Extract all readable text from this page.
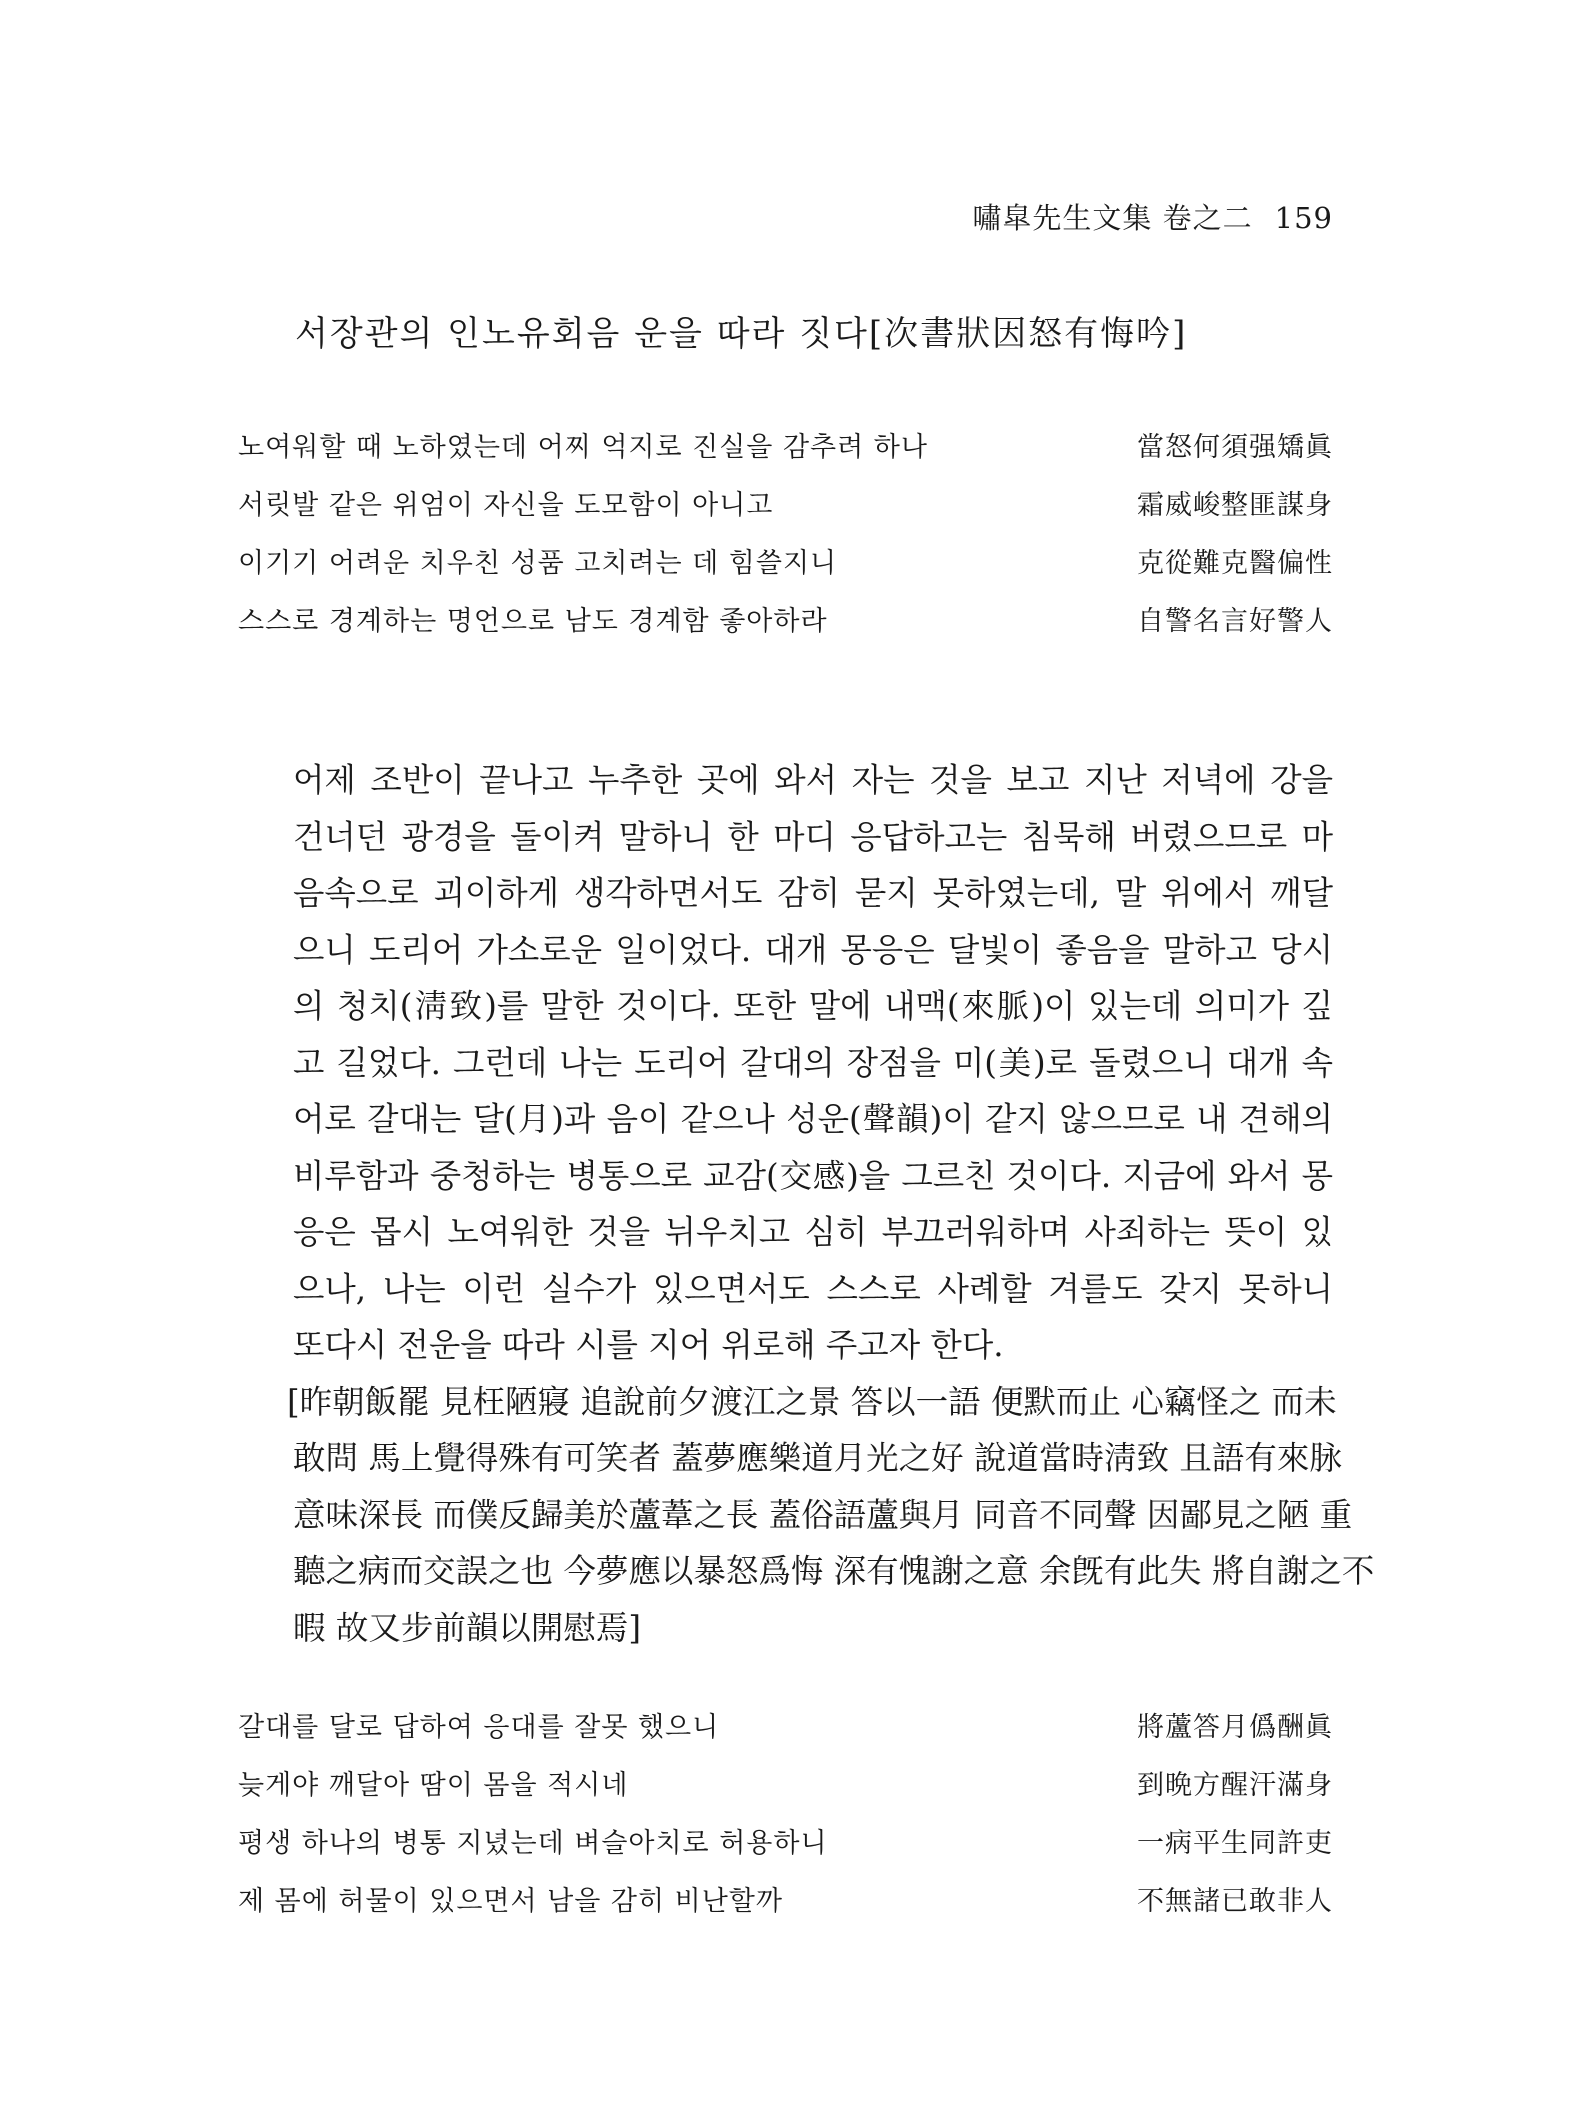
嘯皐先生文集 卷之二 159
서장관의 인노유회음 운을 따라 짓다[次書狀因怒有悔吟]
노여워할 때 노하였는데 어찌 억지로 진실을 감추려 하나	當怒何須强矯眞
서릿발 같은 위엄이 자신을 도모함이 아니고	霜威峻整匪謀身
이기기 어려운 치우친 성품 고치려는 데 힘쓸지니	克從難克醫偏性
스스로 경계하는 명언으로 남도 경계함 좋아하라	自警名言好警人
어제 조반이 끝나고 누추한 곳에 와서 자는 것을 보고 지난 저녁에 강을
건너던 광경을 돌이켜 말하니 한 마디 응답하고는 침묵해 버렸으므로 마
음속으로 괴이하게 생각하면서도 감히 묻지 못하였는데, 말 위에서 깨달
으니 도리어 가소로운 일이었다. 대개 몽응은 달빛이 좋음을 말하고 당시
의 청치(淸致)를 말한 것이다. 또한 말에 내맥(來脈)이 있는데 의미가 깊
고 길었다. 그런데 나는 도리어 갈대의 장점을 미(美)로 돌렸으니 대개 속
어로 갈대는 달(月)과 음이 같으나 성운(聲韻)이 같지 않으므로 내 견해의
비루함과 중청하는 병통으로 교감(交感)을 그르친 것이다. 지금에 와서 몽
응은 몹시 노여워한 것을 뉘우치고 심히 부끄러워하며 사죄하는 뜻이 있
으나, 나는 이런 실수가 있으면서도 스스로 사례할 겨를도 갖지 못하니
또다시 전운을 따라 시를 지어 위로해 주고자 한다.
[昨朝飯罷 見枉陋寢 追說前夕渡江之景 答以一語 便默而止 心竊怪之 而未
敢問 馬上覺得殊有可笑者 蓋夢應樂道月光之好 說道當時淸致 且語有來脉
意味深長 而僕反歸美於蘆葦之長 蓋俗語蘆與月 同音不同聲 因鄙見之陋 重
聽之病而交誤之也 今夢應以暴怒爲悔 深有愧謝之意 余旣有此失 將自謝之不
暇 故又步前韻以開慰焉]
갈대를 달로 답하여 응대를 잘못 했으니	將蘆答月僞酬眞
늦게야 깨달아 땀이 몸을 적시네	到晩方醒汗滿身
평생 하나의 병통 지녔는데 벼슬아치로 허용하니	一病平生同許吏
제 몸에 허물이 있으면서 남을 감히 비난할까	不無諸已敢非人
